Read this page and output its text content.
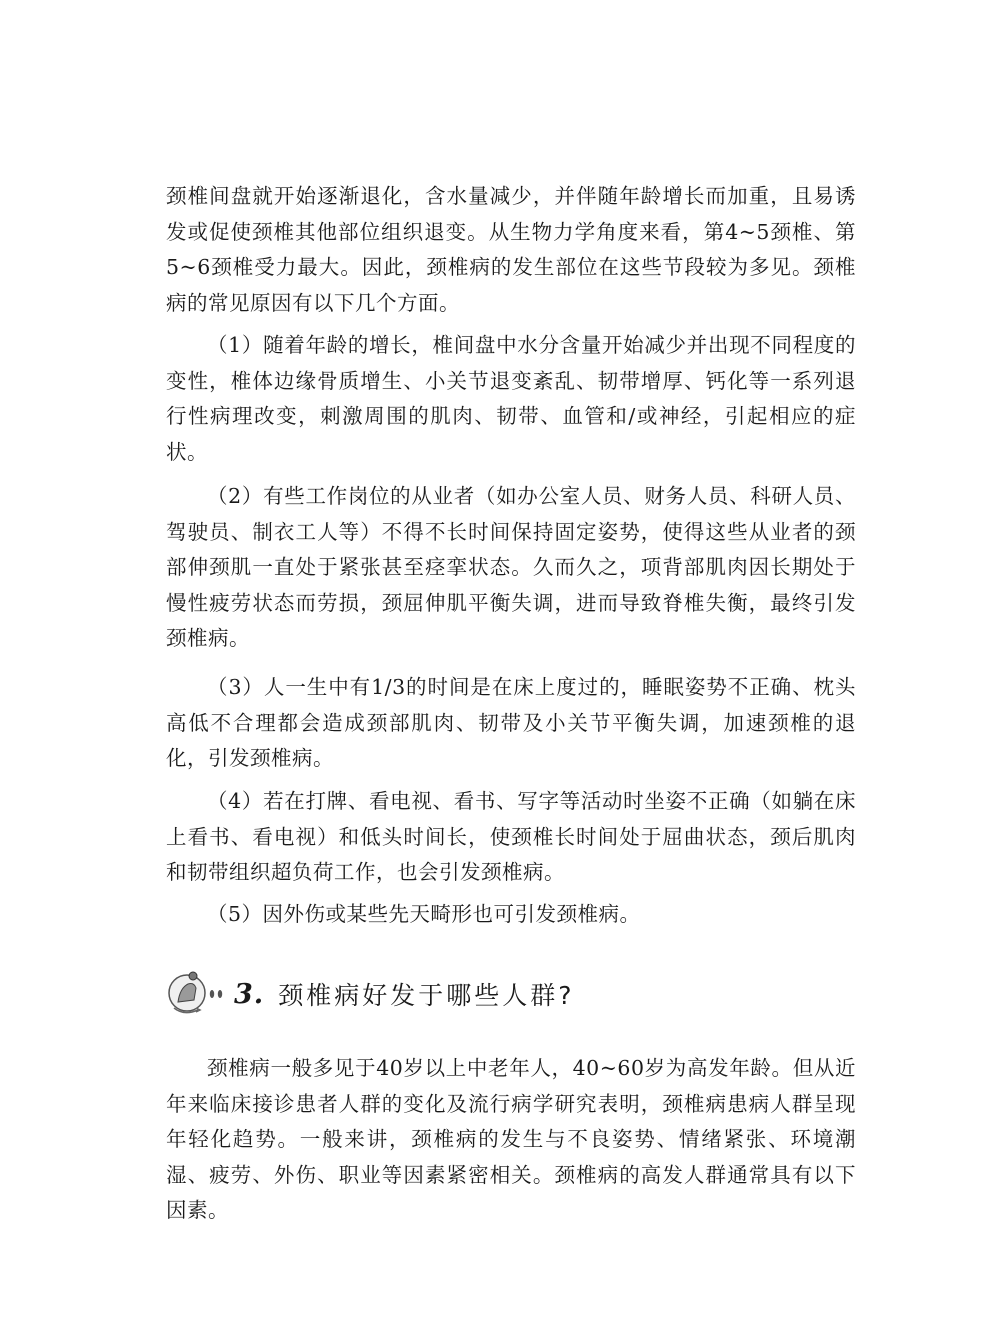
颈椎间盘就开始逐渐退化，含水量减少，并伴随年龄增长而加重，且易诱发或促使颈椎其他部位组织退变。从生物力学角度来看，第4~5颈椎、第5~6颈椎受力最大。因此，颈椎病的发生部位在这些节段较为多见。颈椎病的常见原因有以下几个方面。

（1）随着年龄的增长，椎间盘中水分含量开始减少并出现不同程度的变性，椎体边缘骨质增生、小关节退变紊乱、韧带增厚、钙化等一系列退行性病理改变，刺激周围的肌肉、韧带、血管和/或神经，引起相应的症状。

（2）有些工作岗位的从业者（如办公室人员、财务人员、科研人员、驾驶员、制衣工人等）不得不长时间保持固定姿势，使得这些从业者的颈部伸颈肌一直处于紧张甚至痉挛状态。久而久之，项背部肌肉因长期处于慢性疲劳状态而劳损，颈屈伸肌平衡失调，进而导致脊椎失衡，最终引发颈椎病。

（3）人一生中有1/3的时间是在床上度过的，睡眠姿势不正确、枕头高低不合理都会造成颈部肌肉、韧带及小关节平衡失调，加速颈椎的退化，引发颈椎病。

（4）若在打牌、看电视、看书、写字等活动时坐姿不正确（如躺在床上看书、看电视）和低头时间长，使颈椎长时间处于屈曲状态，颈后肌肉和韧带组织超负荷工作，也会引发颈椎病。

（5）因外伤或某些先天畸形也可引发颈椎病。

3. 颈椎病好发于哪些人群?

颈椎病一般多见于40岁以上中老年人，40~60岁为高发年龄。但从近年来临床接诊患者人群的变化及流行病学研究表明，颈椎病患病人群呈现年轻化趋势。一般来讲，颈椎病的发生与不良姿势、情绪紧张、环境潮湿、疲劳、外伤、职业等因素紧密相关。颈椎病的高发人群通常具有以下因素。
